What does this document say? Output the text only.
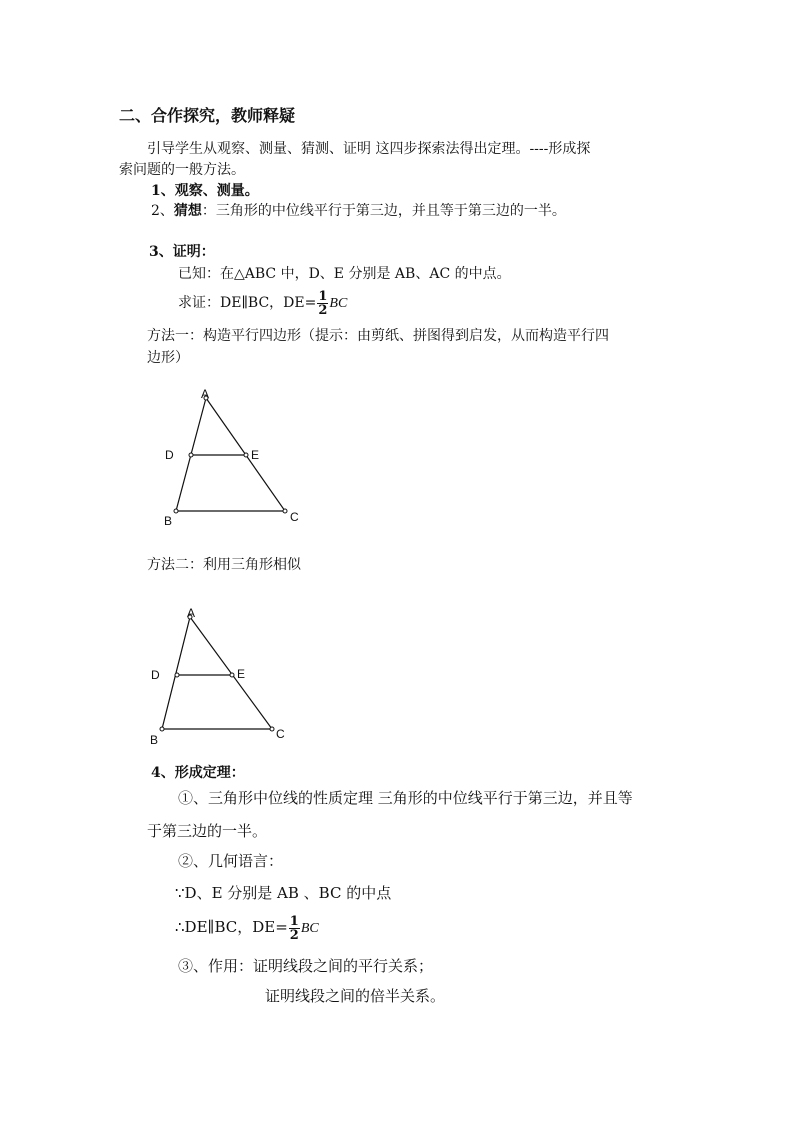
二、合作探究，教师释疑
引导学生从观察、测量、猜测、证明 这四步探索法得出定理。----形成探
索问题的一般方法。
1、观察、测量。
2、猜想：三角形的中位线平行于第三边，并且等于第三边的一半。
3、证明：
已知：在△ABC 中，D、E 分别是 AB、AC 的中点。
求证：DE∥BC，$DE= \frac{1}{2}$ BC
方法一：构造平行四边形（提示：由剪纸、拼图得到启发，从而构造平行四
边形）
A
D	E
B	C
方法二：利用三角形相似
A
D	E
B	C
4、形成定理：
①、三角形中位线的性质定理 三角形的中位线平行于第三边，并且等
于第三边的一半。
②、几何语言：
∵D、E 分别是 AB 、BC 的中点
∴DE∥BC，$DE= \frac{1}{2}$ BC
③、作用：证明线段之间的平行关系；
证明线段之间的倍半关系。
